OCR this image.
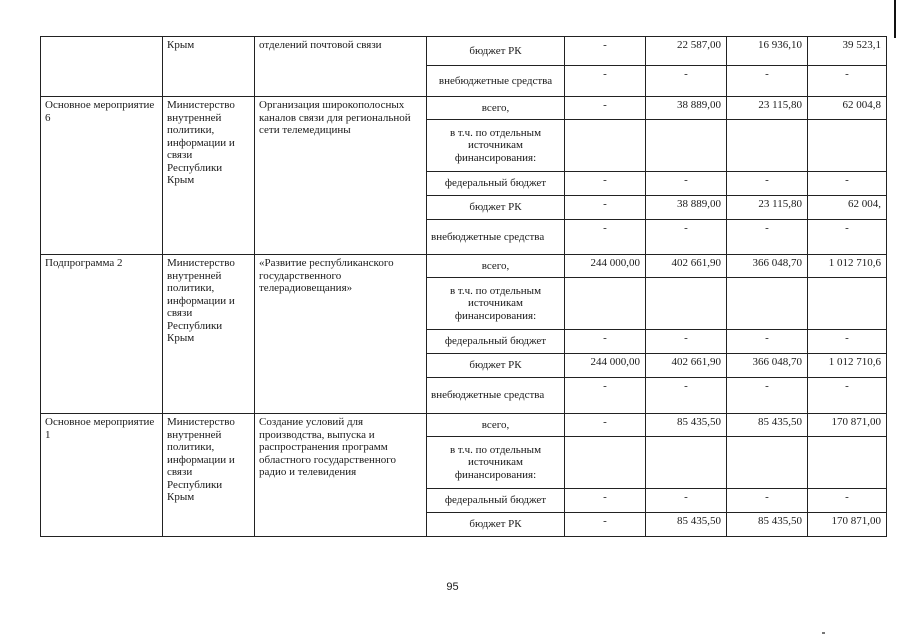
	Крым	отделений почтовой связи	бюджет РК	-	22 587,00	16 936,10	39 523,1
			внебюджетные средства	-	-	-	-
Основное мероприятие 6	Министерство внутренней политики, информации и связи Республики Крым	Организация широкополосных каналов связи для региональной сети телемедицины	всего,	-	38 889,00	23 115,80	62 004,8
			в т.ч. по отдельным источникам финансирования:				
			федеральный бюджет	-	-	-	-
			бюджет РК	-	38 889,00	23 115,80	62 004,
			внебюджетные средства	-	-	-	-
Подпрограмма 2	Министерство внутренней политики, информации и связи Республики Крым	«Развитие республиканского государственного телерадиовещания»	всего,	244 000,00	402 661,90	366 048,70	1 012 710,6
			в т.ч. по отдельным источникам финансирования:				
			федеральный бюджет	-	-	-	-
			бюджет РК	244 000,00	402 661,90	366 048,70	1 012 710,6
			внебюджетные средства	-	-	-	-
Основное мероприятие 1	Министерство внутренней политики, информации и связи Республики Крым	Создание условий для производства, выпуска и распространения программ областного государственного радио и телевидения	всего,	-	85 435,50	85 435,50	170 871,00
			в т.ч. по отдельным источникам финансирования:				
			федеральный бюджет	-	-	-	-
			бюджет РК	-	85 435,50	85 435,50	170 871,00
95
